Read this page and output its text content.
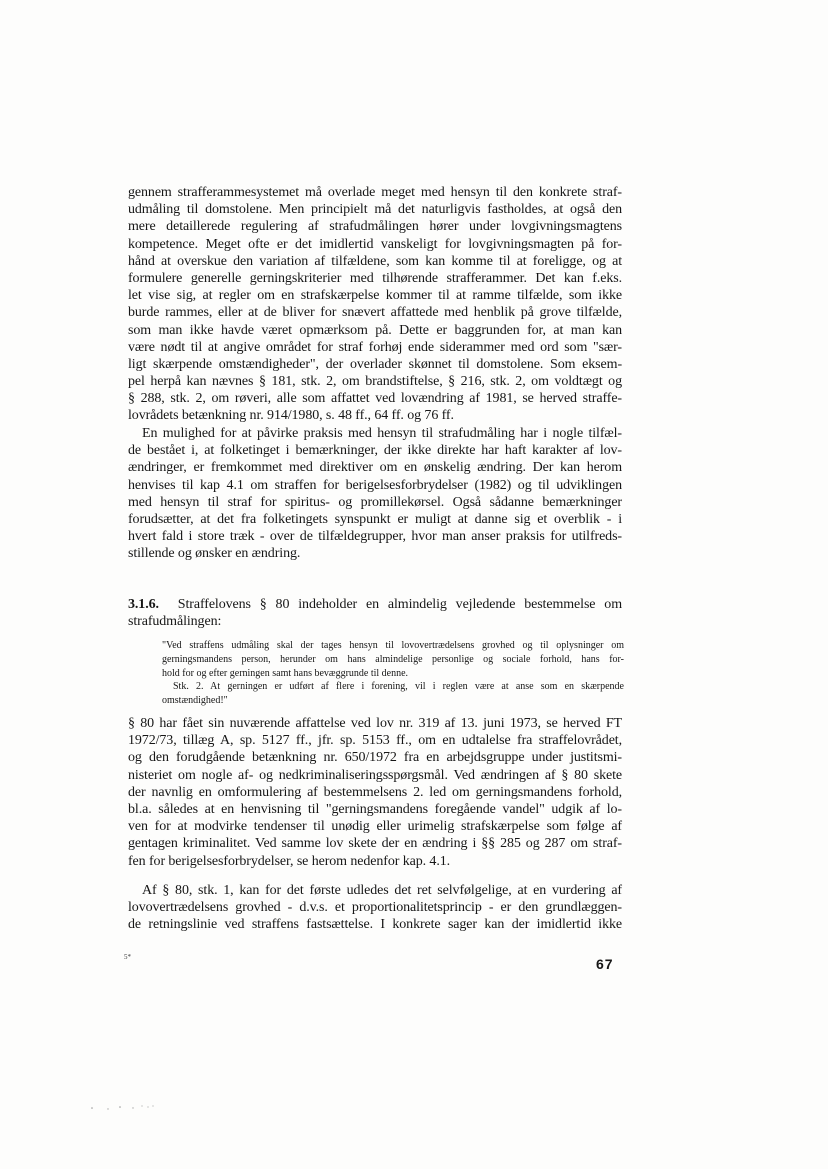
gennem strafferammesystemet må overlade meget med hensyn til den konkrete straf-
udmåling til domstolene. Men principielt må det naturligvis fastholdes, at også den
mere detaillerede regulering af strafudmålingen hører under lovgivningsmagtens
kompetence. Meget ofte er det imidlertid vanskeligt for lovgivningsmagten på for-
hånd at overskue den variation af tilfældene, som kan komme til at foreligge, og at
formulere generelle gerningskriterier med tilhørende strafferammer. Det kan f.eks.
let vise sig, at regler om en strafskærpelse kommer til at ramme tilfælde, som ikke
burde rammes, eller at de bliver for snævert affattede med henblik på grove tilfælde,
som man ikke havde været opmærksom på. Dette er baggrunden for, at man kan
være nødt til at angive området for straf forhøj ende siderammer med ord som "sær-
ligt skærpende omstændigheder", der overlader skønnet til domstolene. Som eksem-
pel herpå kan nævnes § 181, stk. 2, om brandstiftelse, § 216, stk. 2, om voldtægt og
§ 288, stk. 2, om røveri, alle som affattet ved lovændring af 1981, se herved straffe-
lovrådets betænkning nr. 914/1980, s. 48 ff., 64 ff. og 76 ff.
En mulighed for at påvirke praksis med hensyn til strafudmåling har i nogle tilfæl-
de bestået i, at folketinget i bemærkninger, der ikke direkte har haft karakter af lov-
ændringer, er fremkommet med direktiver om en ønskelig ændring. Der kan herom
henvises til kap 4.1 om straffen for berigelsesforbrydelser (1982) og til udviklingen
med hensyn til straf for spiritus- og promillekørsel. Også sådanne bemærkninger
forudsætter, at det fra folketingets synspunkt er muligt at danne sig et overblik - i
hvert fald i store træk - over de tilfældegrupper, hvor man anser praksis for utilfreds-
stillende og ønsker en ændring.
3.1.6. Straffelovens § 80 indeholder en almindelig vejledende bestemmelse om
strafudmålingen:
"Ved straffens udmåling skal der tages hensyn til lovovertrædelsens grovhed og til oplysninger om
gerningsmandens person, herunder om hans almindelige personlige og sociale forhold, hans for-
hold for og efter gerningen samt hans bevæggrunde til denne.
Stk. 2. At gerningen er udført af flere i forening, vil i reglen være at anse som en skærpende
omstændighed!"
§ 80 har fået sin nuværende affattelse ved lov nr. 319 af 13. juni 1973, se herved FT
1972/73, tillæg A, sp. 5127 ff., jfr. sp. 5153 ff., om en udtalelse fra straffelovrådet,
og den forudgående betænkning nr. 650/1972 fra en arbejdsgruppe under justitsmi-
nisteriet om nogle af- og nedkriminaliseringsspørgsmål. Ved ændringen af § 80 skete
der navnlig en omformulering af bestemmelsens 2. led om gerningsmandens forhold,
bl.a. således at en henvisning til "gerningsmandens foregående vandel" udgik af lo-
ven for at modvirke tendenser til unødig eller urimelig strafskærpelse som følge af
gentagen kriminalitet. Ved samme lov skete der en ændring i §§ 285 og 287 om straf-
fen for berigelsesforbrydelser, se herom nedenfor kap. 4.1.
Af § 80, stk. 1, kan for det første udledes det ret selvfølgelige, at en vurdering af
lovovertrædelsens grovhed - d.v.s. et proportionalitetsprincip - er den grundlæggen-
de retningslinie ved straffens fastsættelse. I konkrete sager kan der imidlertid ikke
5*	67
